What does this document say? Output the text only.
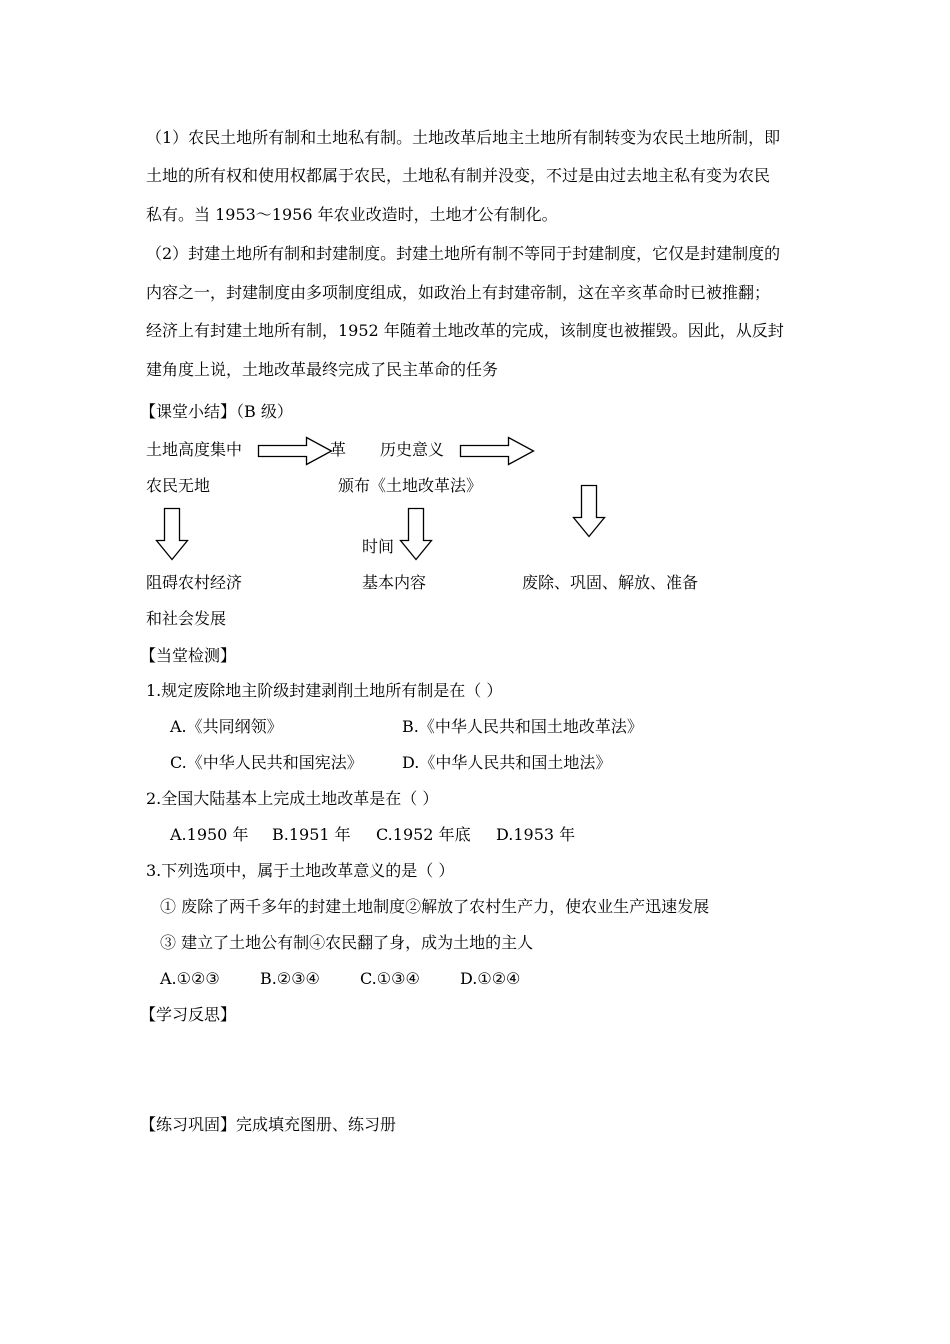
（1）农民土地所有制和土地私有制。土地改革后地主土地所有制转变为农民土地所制，即
土地的所有权和使用权都属于农民，土地私有制并没变，不过是由过去地主私有变为农民
私有。当 1953～1956 年农业改造时，土地才公有制化。
（2）封建土地所有制和封建制度。封建土地所有制不等同于封建制度，它仅是封建制度的
内容之一，封建制度由多项制度组成，如政治上有封建帝制，这在辛亥革命时已被推翻；
经济上有封建土地所有制，1952 年随着土地改革的完成，该制度也被摧毁。因此，从反封
建角度上说，土地改革最终完成了民主革命的任务
【课堂小结】（B 级）
土地高度集中
农民无地
革 历史意义
颁布《土地改革法》
时间
阻碍农村经济
和社会发展
基本内容	废除、巩固、解放、准备
【当堂检测】
1.规定废除地主阶级封建剥削土地所有制是在（ ）
A.《共同纲领》	B.《中华人民共和国土地改革法》
C.《中华人民共和国宪法》 D.《中华人民共和国土地法》
2.全国大陆基本上完成土地改革是在（ ）
A.1950 年 B.1951 年 C.1952 年底 D.1953 年
3.下列选项中，属于土地改革意义的是（ ）
① 废除了两千多年的封建土地制度②解放了农村生产力，使农业生产迅速发展
③ 建立了土地公有制④农民翻了身，成为土地的主人
A.①②③	B.②③④	C.①③④	D.①②④
【学习反思】
【练习巩固】完成填充图册、练习册
